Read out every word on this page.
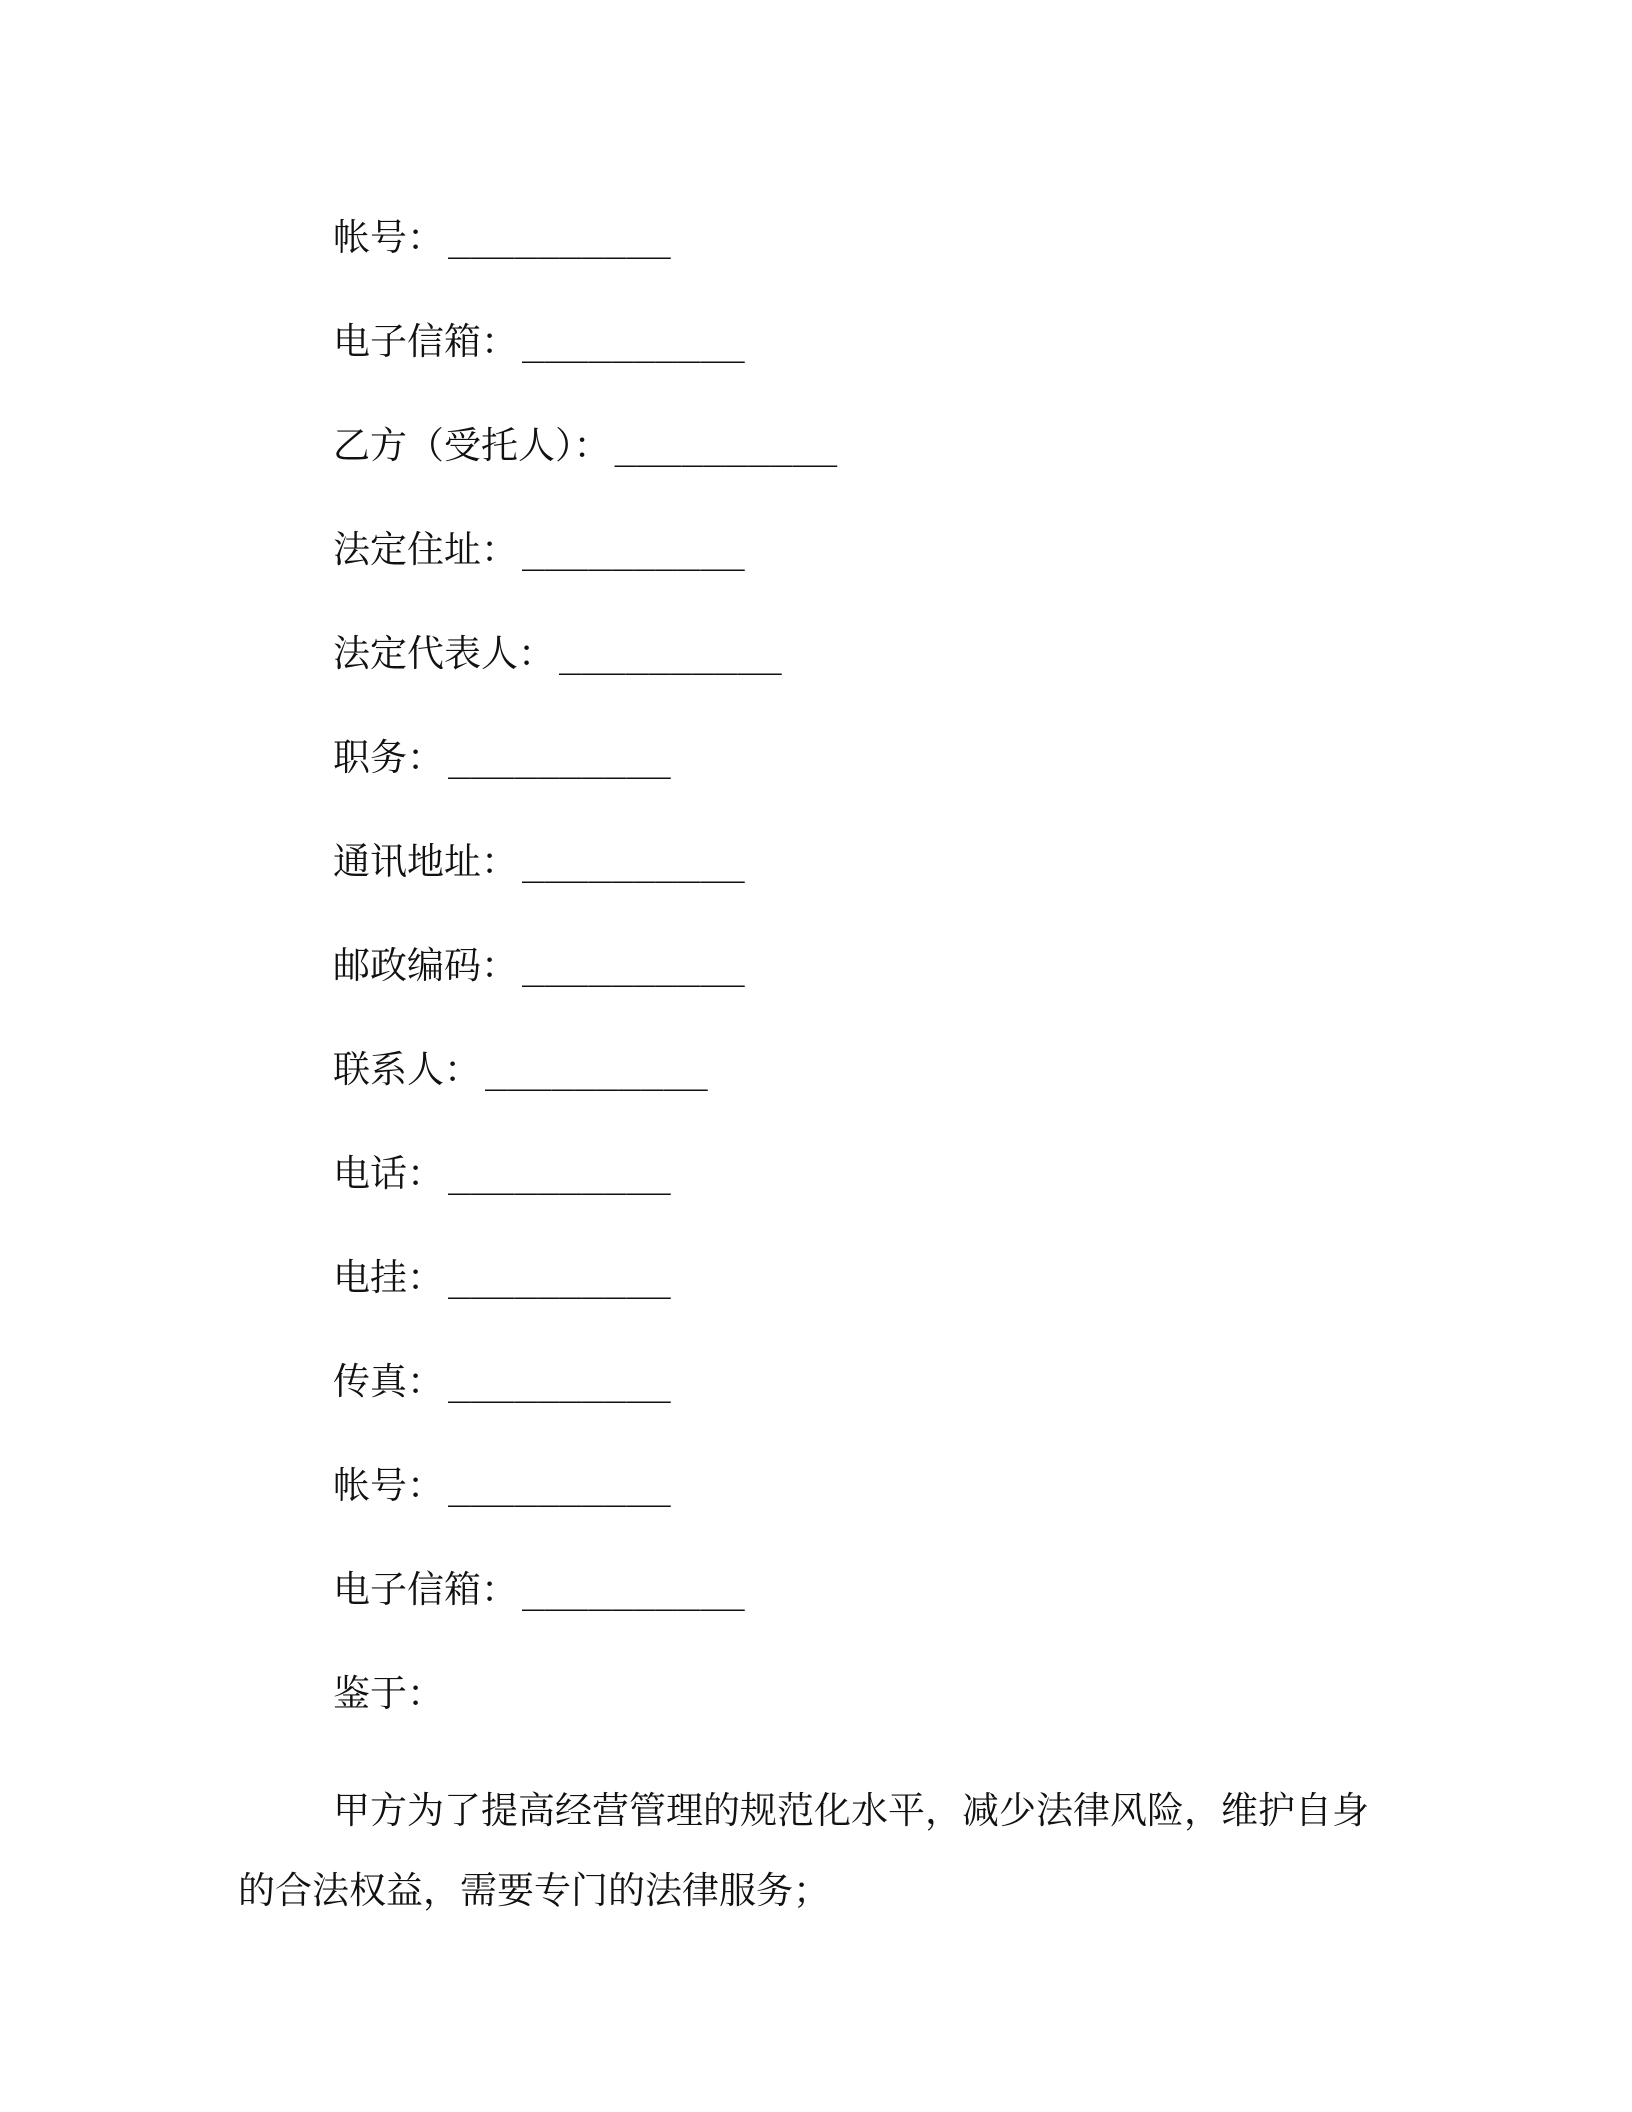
帐号： __________
电子信箱： __________
乙方（受托人）： __________
法定住址： __________
法定代表人： __________
职务： __________
通讯地址： __________
邮政编码： __________
联系人： __________
电话： __________
电挂： __________
传真： __________
帐号： __________
电子信箱： __________
鉴于：

甲方为了提高经营管理的规范化水平，减少法律风险，维护自身的合法权益，需要专门的法律服务；
